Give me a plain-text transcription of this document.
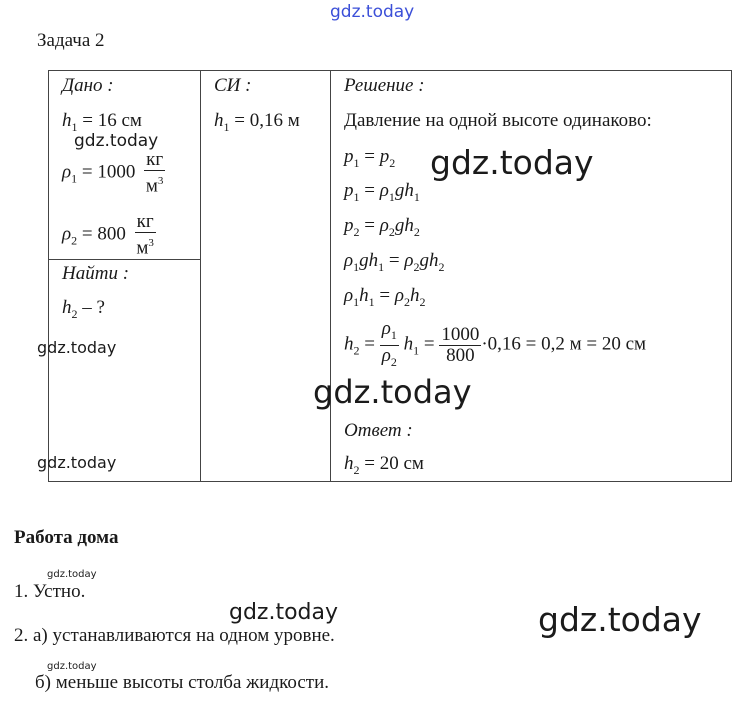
gdz.today
Задача 2
Дано :
$h_1 = 16$ см
gdz.today
$\rho_1 = 1000 \frac{кг}{м^3}$
$\rho_2 = 800 \frac{кг}{м^3}$
Найти :
$h_2$ – ?
gdz.today
gdz.today
СИ :
$h_1 = 0,16$ м
Решение :
Давление на одной высоте одинаково:
$p_1 = p_2$
$p_1 = \rho_1gh_1$
$p_2 = \rho_2gh_2$
$\rho_1gh_1 = \rho_2gh_2$
$\rho_1h_1 = \rho_2h_2$
gdz.today
$h_2 = \frac{\rho_1}{\rho_2} h_1 = \frac{1000}{800} \cdot 0,16 = 0,2$ м = 20 см
gdz.today
Ответ :
$h_2 = 20$ см
Работа дома
gdz.today
1. Устно.
gdz.today	gdz.today
2. а) устанавливаются на одном уровне.
gdz.today
б) меньше высоты столба жидкости.
